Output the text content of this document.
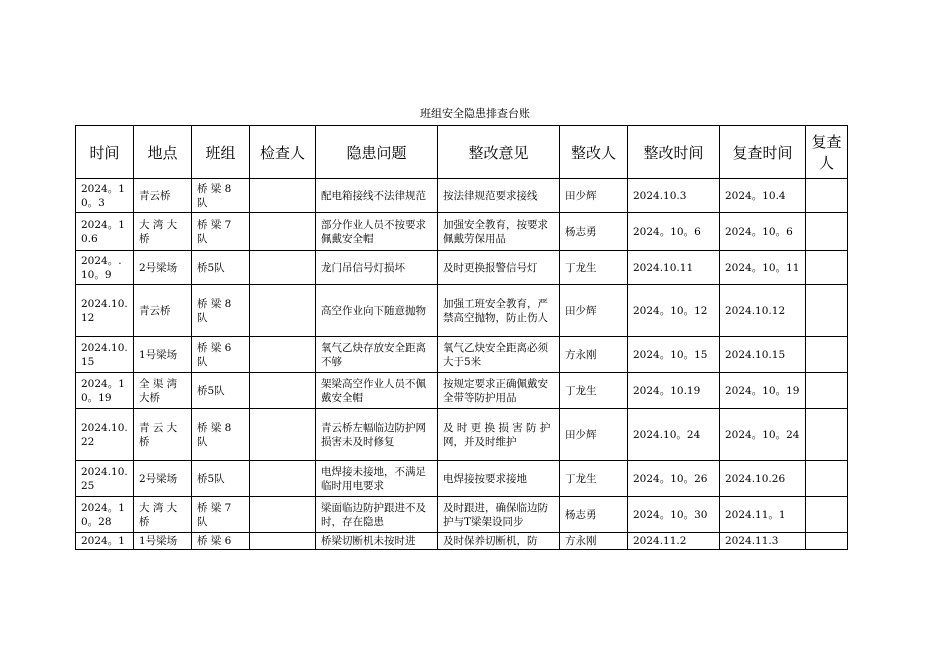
班组安全隐患排查台账
时间	地点	班组	检查人	隐患问题	整改意见	整改人	整改时间	复查时间	复查人
2024。10。3	青云桥	桥 梁 8 队		配电箱接线不法律规范	按法律规范要求接线	田少辉	2024.10.3	2024。10.4	
2024。10.6	大 湾 大 桥	桥 梁 7 队		部分作业人员不按要求佩戴安全帽	加强安全教育，按要求佩戴劳保用品	杨志勇	2024。10。6	2024。10。6	
2024。.10。9	2号梁场	桥5队		龙门吊信号灯损坏	及时更换报警信号灯	丁龙生	2024.10.11	2024。10。11	
2024.10.12	青云桥	桥 梁 8 队		高空作业向下随意抛物	加强工班安全教育，严禁高空抛物，防止伤人	田少辉	2024。10。12	2024.10.12	
2024.10.15	1号梁场	桥 梁 6 队		氧气乙炔存放安全距离不够	氧气乙炔安全距离必须大于5米	方永刚	2024。10。15	2024.10.15	
2024。10。19	全 渠 湾 大桥	桥5队		架梁高空作业人员不佩戴安全帽	按规定要求正确佩戴安全带等防护用品	丁龙生	2024。10.19	2024。10。19	
2024.10.22	青 云 大 桥	桥 梁 8 队		青云桥左幅临边防护网损害未及时修复	及 时 更 换 损 害 防 护网，并及时维护	田少辉	2024.10。24	2024。10。24	
2024.10.25	2号梁场	桥5队		电焊接未接地，不满足临时用电要求	电焊接按要求接地	丁龙生	2024。10。26	2024.10.26	
2024。10。28	大 湾 大 桥	桥 梁 7 队		梁面临边防护跟进不及时，存在隐患	及时跟进，确保临边防护与T梁架设同步	杨志勇	2024。10。30	2024.11。1	
2024。1	1号梁场	桥 梁 6		桥梁切断机未按时进	及时保养切断机，防	方永刚	2024.11.2	2024.11.3	
